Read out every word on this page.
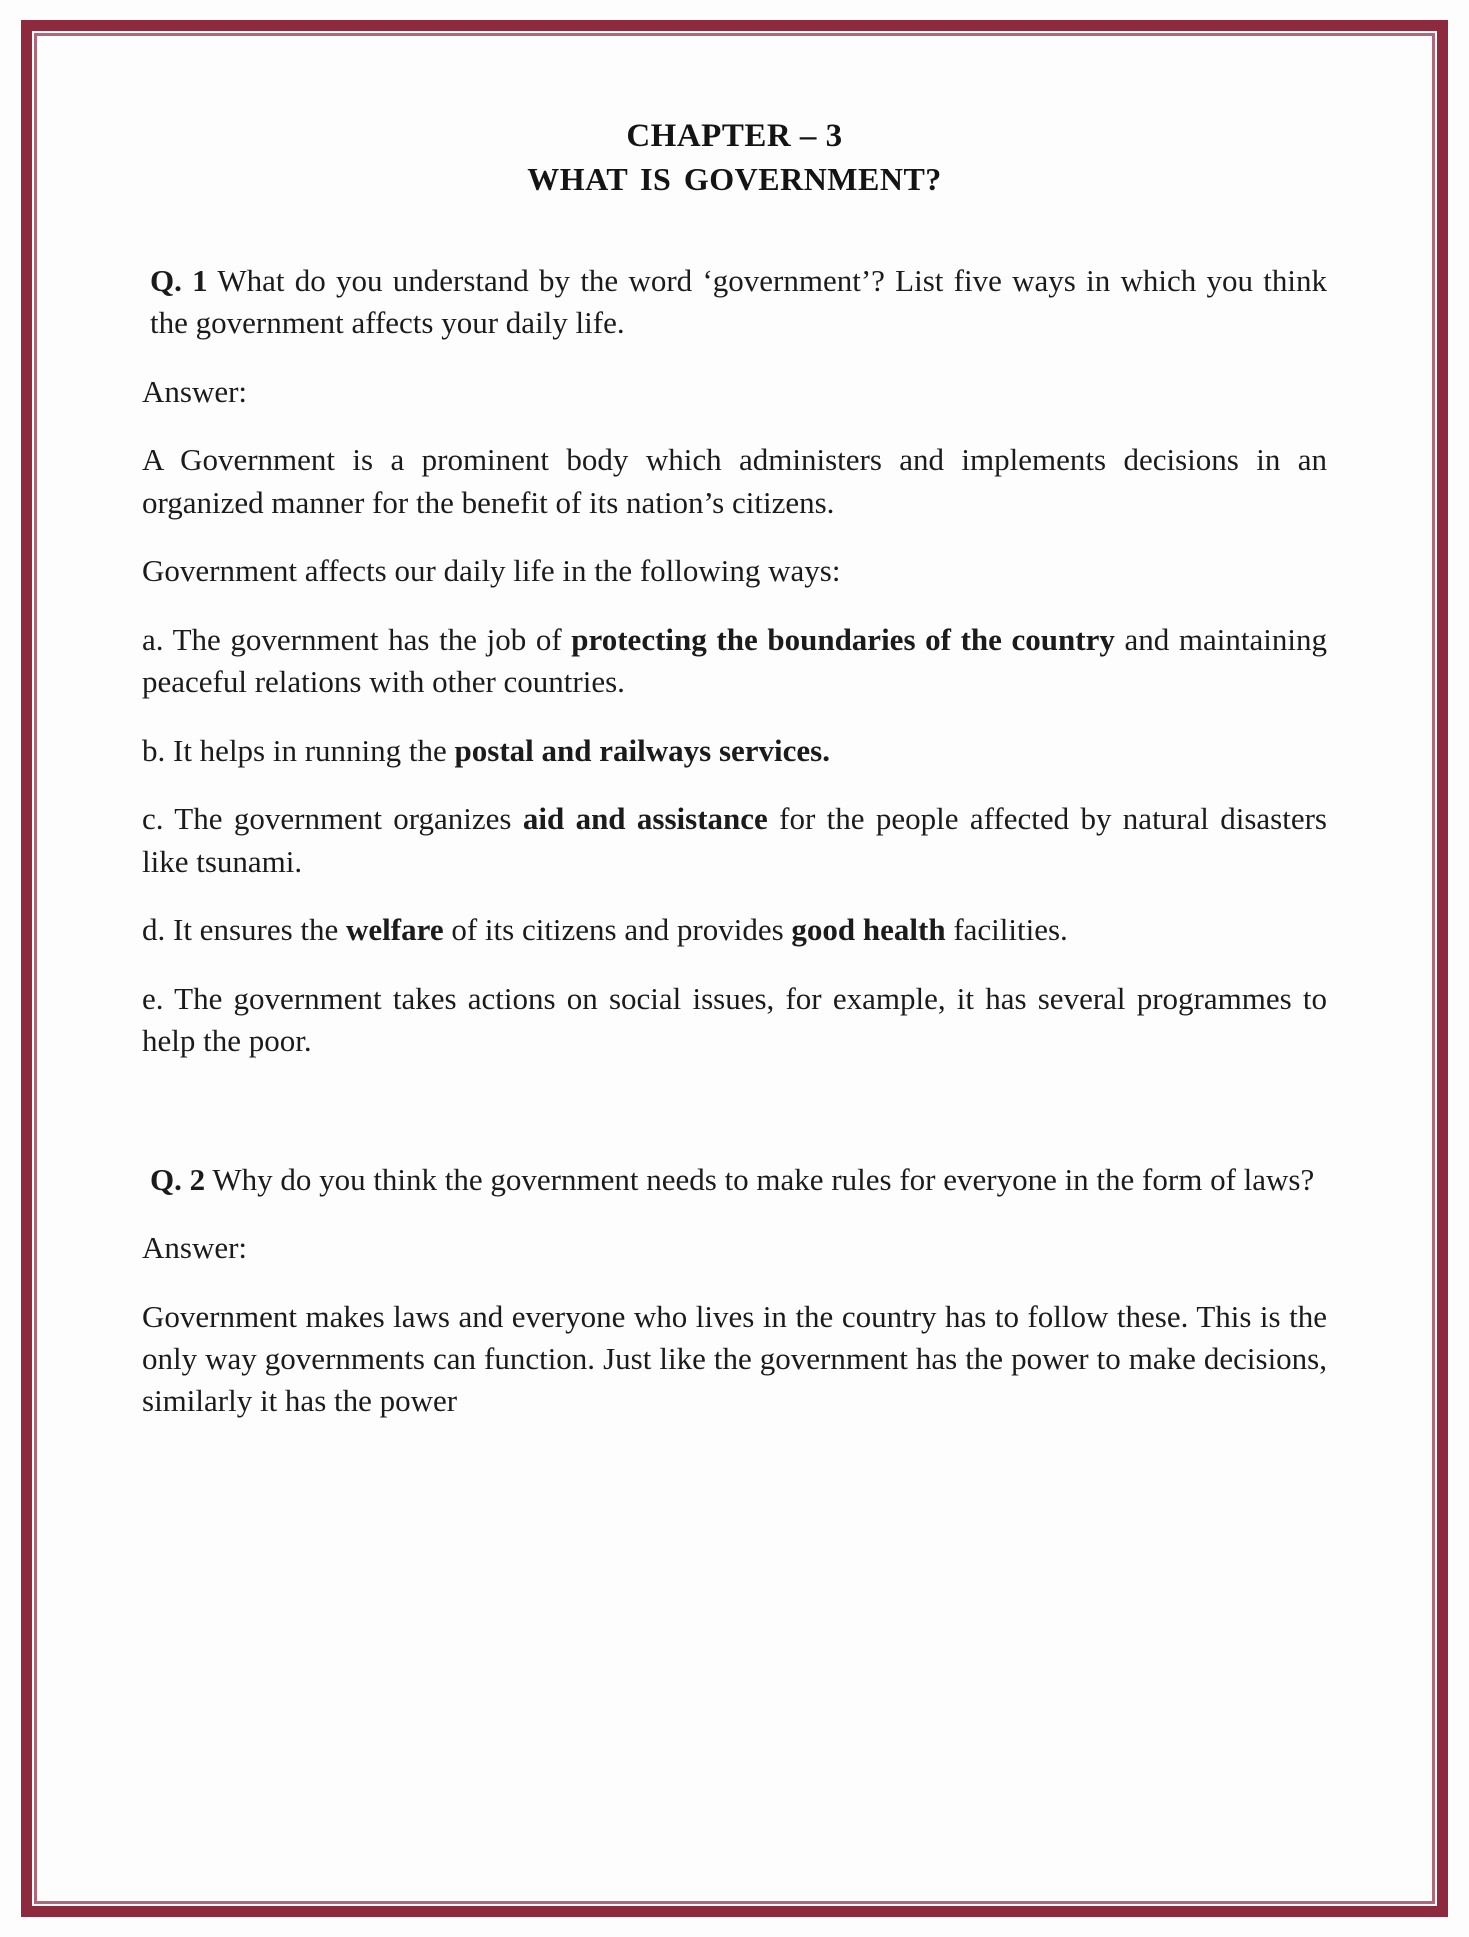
CHAPTER – 3
WHAT IS GOVERNMENT?

Q. 1 What do you understand by the word ‘government’? List five ways in which you think the government affects your daily life.

Answer:

A Government is a prominent body which administers and implements decisions in an organized manner for the benefit of its nation’s citizens.

Government affects our daily life in the following ways:

a. The government has the job of protecting the boundaries of the country and maintaining peaceful relations with other countries.

b. It helps in running the postal and railways services.

c. The government organizes aid and assistance for the people affected by natural disasters like tsunami.

d. It ensures the welfare of its citizens and provides good health facilities.

e. The government takes actions on social issues, for example, it has several programmes to help the poor.

Q. 2 Why do you think the government needs to make rules for everyone in the form of laws?

Answer:

Government makes laws and everyone who lives in the country has to follow these. This is the only way governments can function. Just like the government has the power to make decisions, similarly it has the power
